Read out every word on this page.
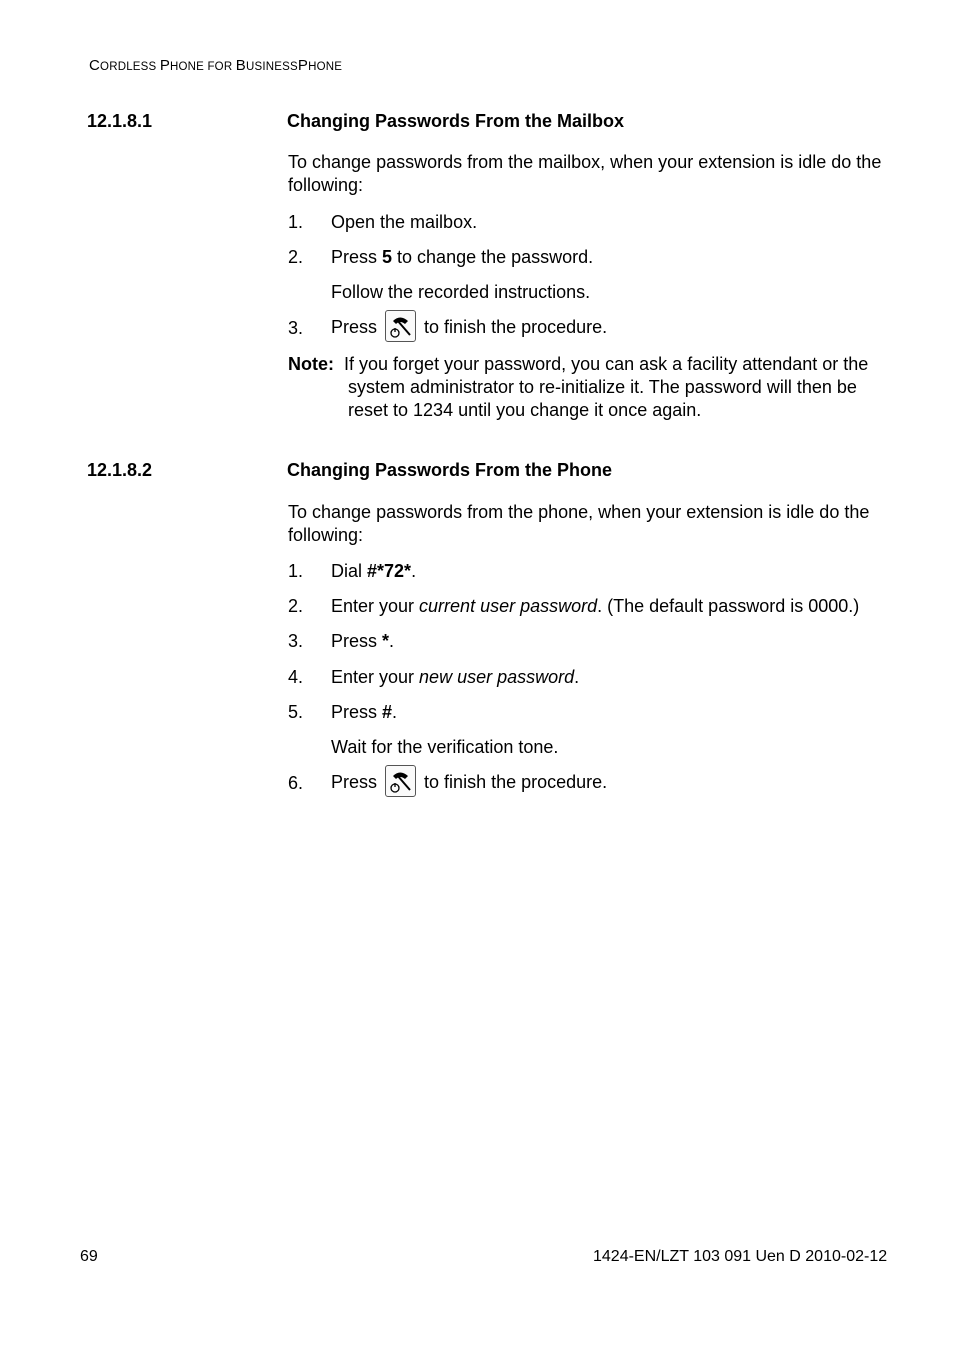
CORDLESS PHONE FOR BUSINESSPHONE
12.1.8.1	Changing Passwords From the Mailbox
To change passwords from the mailbox, when your extension is idle do the following:
1. Open the mailbox.
2. Press 5 to change the password.
Follow the recorded instructions.
3. Press	to finish the procedure.
Note: If you forget your password, you can ask a facility attendant or the
system administrator to re-initialize it. The password will then be
reset to 1234 until you change it once again.
12.1.8.2	Changing Passwords From the Phone
To change passwords from the phone, when your extension is idle do the following:
1. Dial #*72*.
2. Enter your current user password. (The default password is 0000.)
3. Press *.
4. Enter your new user password.
5. Press #.
Wait for the verification tone.
6. Press	to finish the procedure.
69	1424-EN/LZT 103 091 Uen D 2010-02-12
